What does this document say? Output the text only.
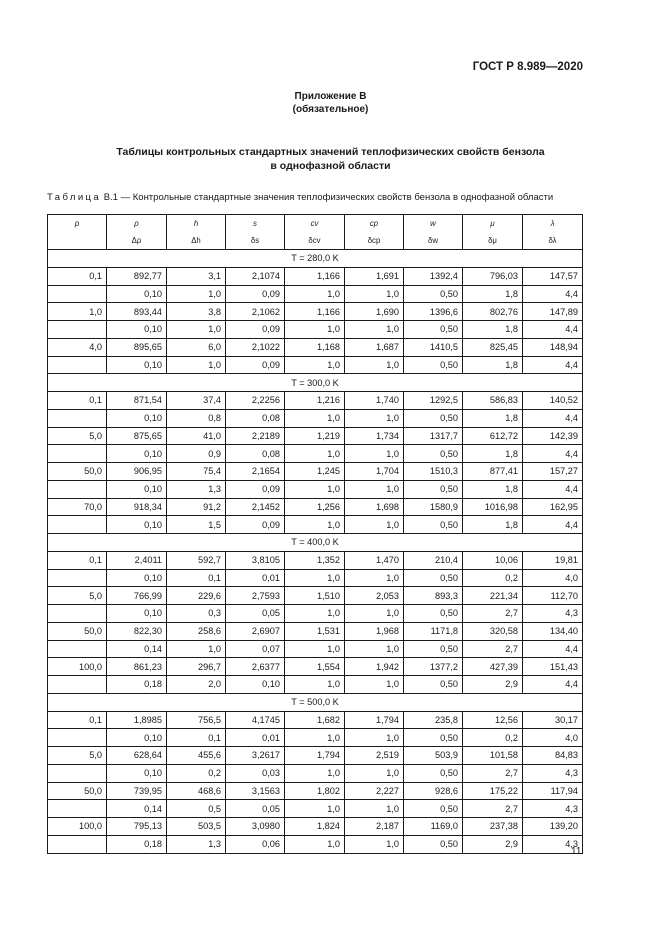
ГОСТ Р 8.989—2020
Приложение В
(обязательное)
Таблицы контрольных стандартных значений теплофизических свойств бензола
в однофазной области
Таблица В.1 — Контрольные стандартные значения теплофизических свойств бензола в однофазной области
p	ρ	h	s	cv	cp	w	μ	λ
	Δρ	Δh	δs	δcv	δcp	δw	δμ	δλ
T = 280,0 K								
0,1	892,77	3,1	2,1074	1,166	1,691	1392,4	796,03	147,57
	0,10	1,0	0,09	1,0	1,0	0,50	1,8	4,4
1,0	893,44	3,8	2,1062	1,166	1,690	1396,6	802,76	147,89
	0,10	1,0	0,09	1,0	1,0	0,50	1,8	4,4
4,0	895,65	6,0	2,1022	1,168	1,687	1410,5	825,45	148,94
	0,10	1,0	0,09	1,0	1,0	0,50	1,8	4,4
T = 300,0 K								
0,1	871,54	37,4	2,2256	1,216	1,740	1292,5	586,83	140,52
	0,10	0,8	0,08	1,0	1,0	0,50	1,8	4,4
5,0	875,65	41,0	2,2189	1,219	1,734	1317,7	612,72	142,39
	0,10	0,9	0,08	1,0	1,0	0,50	1,8	4,4
50,0	906,95	75,4	2,1654	1,245	1,704	1510,3	877,41	157,27
	0,10	1,3	0,09	1,0	1,0	0,50	1,8	4,4
70,0	918,34	91,2	2,1452	1,256	1,698	1580,9	1016,98	162,95
	0,10	1,5	0,09	1,0	1,0	0,50	1,8	4,4
T = 400,0 K								
0,1	2,4011	592,7	3,8105	1,352	1,470	210,4	10,06	19,81
	0,10	0,1	0,01	1,0	1,0	0,50	0,2	4,0
5,0	766,99	229,6	2,7593	1,510	2,053	893,3	221,34	112,70
	0,10	0,3	0,05	1,0	1,0	0,50	2,7	4,3
50,0	822,30	258,6	2,6907	1,531	1,968	1171,8	320,58	134,40
	0,14	1,0	0,07	1,0	1,0	0,50	2,7	4,4
100,0	861,23	296,7	2,6377	1,554	1,942	1377,2	427,39	151,43
	0,18	2,0	0,10	1,0	1,0	0,50	2,9	4,4
T = 500,0 K								
0,1	1,8985	756,5	4,1745	1,682	1,794	235,8	12,56	30,17
	0,10	0,1	0,01	1,0	1,0	0,50	0,2	4,0
5,0	628,64	455,6	3,2617	1,794	2,519	503,9	101,58	84,83
	0,10	0,2	0,03	1,0	1,0	0,50	2,7	4,3
50,0	739,95	468,6	3,1563	1,802	2,227	928,6	175,22	117,94
	0,14	0,5	0,05	1,0	1,0	0,50	2,7	4,3
100,0	795,13	503,5	3,0980	1,824	2,187	1169,0	237,38	139,20
	0,18	1,3	0,06	1,0	1,0	0,50	2,9	4,3
11
